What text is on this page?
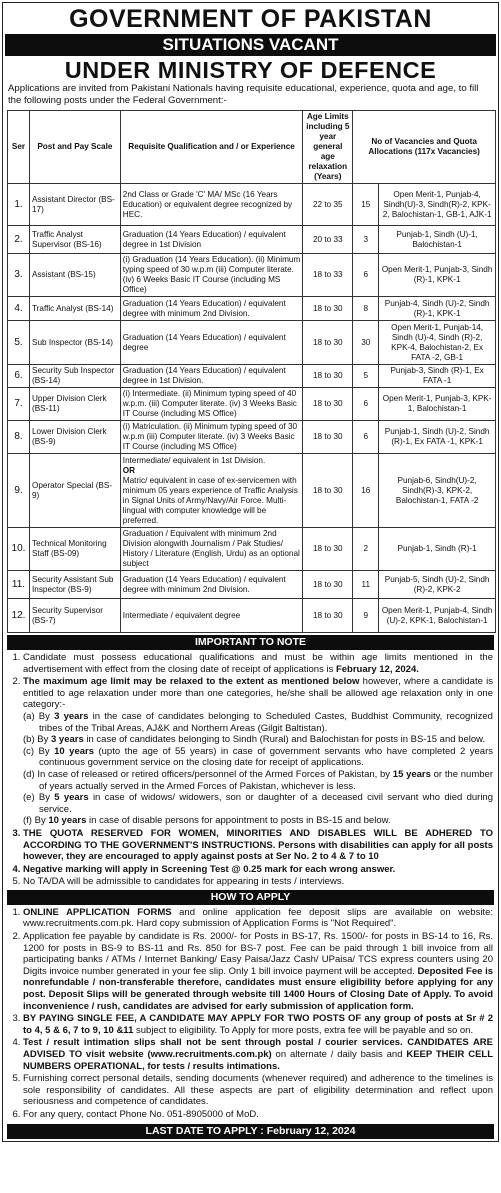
GOVERNMENT OF PAKISTAN
SITUATIONS VACANT
UNDER MINISTRY OF DEFENCE
Applications are invited from Pakistani Nationals having requisite educational, experience, quota and age, to fill the following posts under the Federal Government:-
Ser	Post and Pay Scale	Requisite Qualification and / or Experience	Age Limits including 5 year general age relaxation (Years)	No of Vacancies and Quota Allocations (117x Vacancies)	
1.	Assistant Director (BS-17)	2nd Class or Grade 'C' MA/ MSc (16 Years Education) or equivalent degree recognized by HEC.	22 to 35	15	Open Merit-1, Punjab-4, Sindh(U)-3, Sindh(R)-2, KPK-2, Balochistan-1, GB-1, AJK-1
2.	Traffic Analyst Supervisor (BS-16)	Graduation (14 Years Education) / equivalent degree in 1st Division	20 to 33	3	Punjab-1, Sindh (U)-1, Balochistan-1
3.	Assistant (BS-15)	(i) Graduation (14 Years Education). (ii) Minimum typing speed of 30 w.p.m (iii) Computer literate. (iv) 6 Weeks Basic IT Course (including MS Office)	18 to 33	6	Open Merit-1, Punjab-3, Sindh (R)-1, KPK-1
4.	Traffic Analyst (BS-14)	Graduation (14 Years Education) / equivalent degree with minimum 2nd Division.	18 to 30	8	Punjab-4, Sindh (U)-2, Sindh (R)-1, KPK-1
5.	Sub Inspector (BS-14)	Graduation (14 Years Education) / equivalent degree	18 to 30	30	Open Merit-1, Punjab-14, Sindh (U)-4, Sindh (R)-2, KPK-4, Balochistan-2, Ex FATA -2, GB-1
6.	Security Sub Inspector (BS-14)	Graduation (14 Years Education) / equivalent degree in 1st Division.	18 to 30	5	Punjab-3, Sindh (R)-1, Ex FATA -1
7.	Upper Division Clerk (BS-11)	(i) Intermediate. (ii) Minimum typing speed of 40 w.p.m. (iii) Computer literate. (iv) 3 Weeks Basic IT Course (including MS Office)	18 to 30	6	Open Merit-1, Punjab-3, KPK-1, Balochistan-1
8.	Lower Division Clerk (BS-9)	(i) Matriculation. (ii) Minimum typing speed of 30 w.p.m (iii) Computer literate. (iv) 3 Weeks Basic IT Course (including MS Office)	18 to 30	6	Punjab-1, Sindh (U)-2, Sindh (R)-1, Ex FATA -1, KPK-1
9.	Operator Special (BS-9)	Intermediate/ equivalent in 1st Division.
OR
Matric/ equivalent in case of ex-servicemen with minimum 05 years experience of Traffic Analysis in Signal Units of Army/Navy/Air Force. Multi-lingual with computer knowledge will be preferred.	18 to 30	16	Punjab-6, Sindh(U)-2, Sindh(R)-3, KPK-2, Balochistan-1, FATA -2
10.	Technical Monitoring Staff (BS-09)	Graduation / Equivalent with minimum 2nd Division alongwith Journalism / Pak Studies/ History / Literature (English, Urdu) as an optional subject	18 to 30	2	Punjab-1, Sindh (R)-1
11.	Security Assistant Sub Inspector (BS-9)	Graduation (14 Years Education) / equivalent degree with minimum 2nd Division.	18 to 30	11	Punjab-5, Sindh (U)-2, Sindh (R)-2, KPK-2
12.	Security Supervisor (BS-7)	Intermediate / equivalent degree	18 to 30	9	Open Merit-1, Punjab-4, Sindh (U)-2, KPK-1, Balochistan-1
IMPORTANT TO NOTE
1. Candidate must possess educational qualifications and must be within age limits mentioned in the advertisement with effect from the closing date of receipt of applications is February 12, 2024.
2. The maximum age limit may be relaxed to the extent as mentioned below however, where a candidate is entitled to age relaxation under more than one categories, he/she shall be allowed age relaxation only in one category:-
(a) By 3 years in the case of candidates belonging to Scheduled Castes, Buddhist Community, recognized tribes of the Tribal Areas, AJ&K and Northern Areas (Gilgit Baltistan).
(b) By 3 years in case of candidates belonging to Sindh (Rural) and Balochistan for posts in BS-15 and below.
(c) By 10 years (upto the age of 55 years) in case of government servants who have completed 2 years continuous government service on the closing date for receipt of applications.
(d) In case of released or retired officers/personnel of the Armed Forces of Pakistan, by 15 years or the number of years actually served in the Armed Forces of Pakistan, whichever is less.
(e) By 5 years in case of widows/ widowers, son or daughter of a deceased civil servant who died during service.
(f) By 10 years in case of disable persons for appointment to posts in BS-15 and below.
3. THE QUOTA RESERVED FOR WOMEN, MINORITIES AND DISABLES WILL BE ADHERED TO ACCORDING TO THE GOVERNMENT'S INSTRUCTIONS. Persons with disabilities can apply for all posts however, they are encouraged to apply against posts at Ser No. 2 to 4 & 7 to 10
4. Negative marking will apply in Screening Test @ 0.25 mark for each wrong answer.
5. No TA/DA will be admissible to candidates for appearing in tests / interviews.
HOW TO APPLY
1. ONLINE APPLICATION FORMS and online application fee deposit slips are available on website: www.recruitments.com.pk. Hard copy submission of Application Forms is "Not Required".
2. Application fee payable by candidate is Rs. 2000/- for Posts in BS-17, Rs. 1500/- for posts in BS-14 to 16, Rs. 1200 for posts in BS-9 to BS-11 and Rs. 850 for BS-7 post. Fee can be paid through 1 bill invoice from all participating banks / ATMs / Internet Banking/ Easy Paisa/Jazz Cash/ UPaisa/ TCS express counters using 20 Digits invoice number generated in your fee slip. Only 1 bill invoice payment will be accepted. Deposited Fee is nonrefundable / non-transferable therefore, candidates must ensure eligibility before applying for any post. Deposit Slips will be generated through website till 1400 Hours of Closing Date of Apply. To avoid inconvenience / rush, candidates are advised for early submission of application form.
3. BY PAYING SINGLE FEE, A CANDIDATE MAY APPLY FOR TWO POSTS OF any group of posts at Sr # 2 to 4, 5 & 6, 7 to 9, 10 &11 subject to eligibility. To Apply for more posts, extra fee will be payable and so on.
4. Test / result intimation slips shall not be sent through postal / courier services. CANDIDATES ARE ADVISED TO visit website (www.recruitments.com.pk) on alternate / daily basis and KEEP THEIR CELL NUMBERS OPERATIONAL, for tests / results intimations.
5. Furnishing correct personal details, sending documents (whenever required) and adherence to the timelines is sole responsibility of candidates. All these aspects are part of eligibility determination and reflect upon seriousness and competence of candidates.
6. For any query, contact Phone No. 051-8905000 of MoD.
LAST DATE TO APPLY : February 12, 2024
